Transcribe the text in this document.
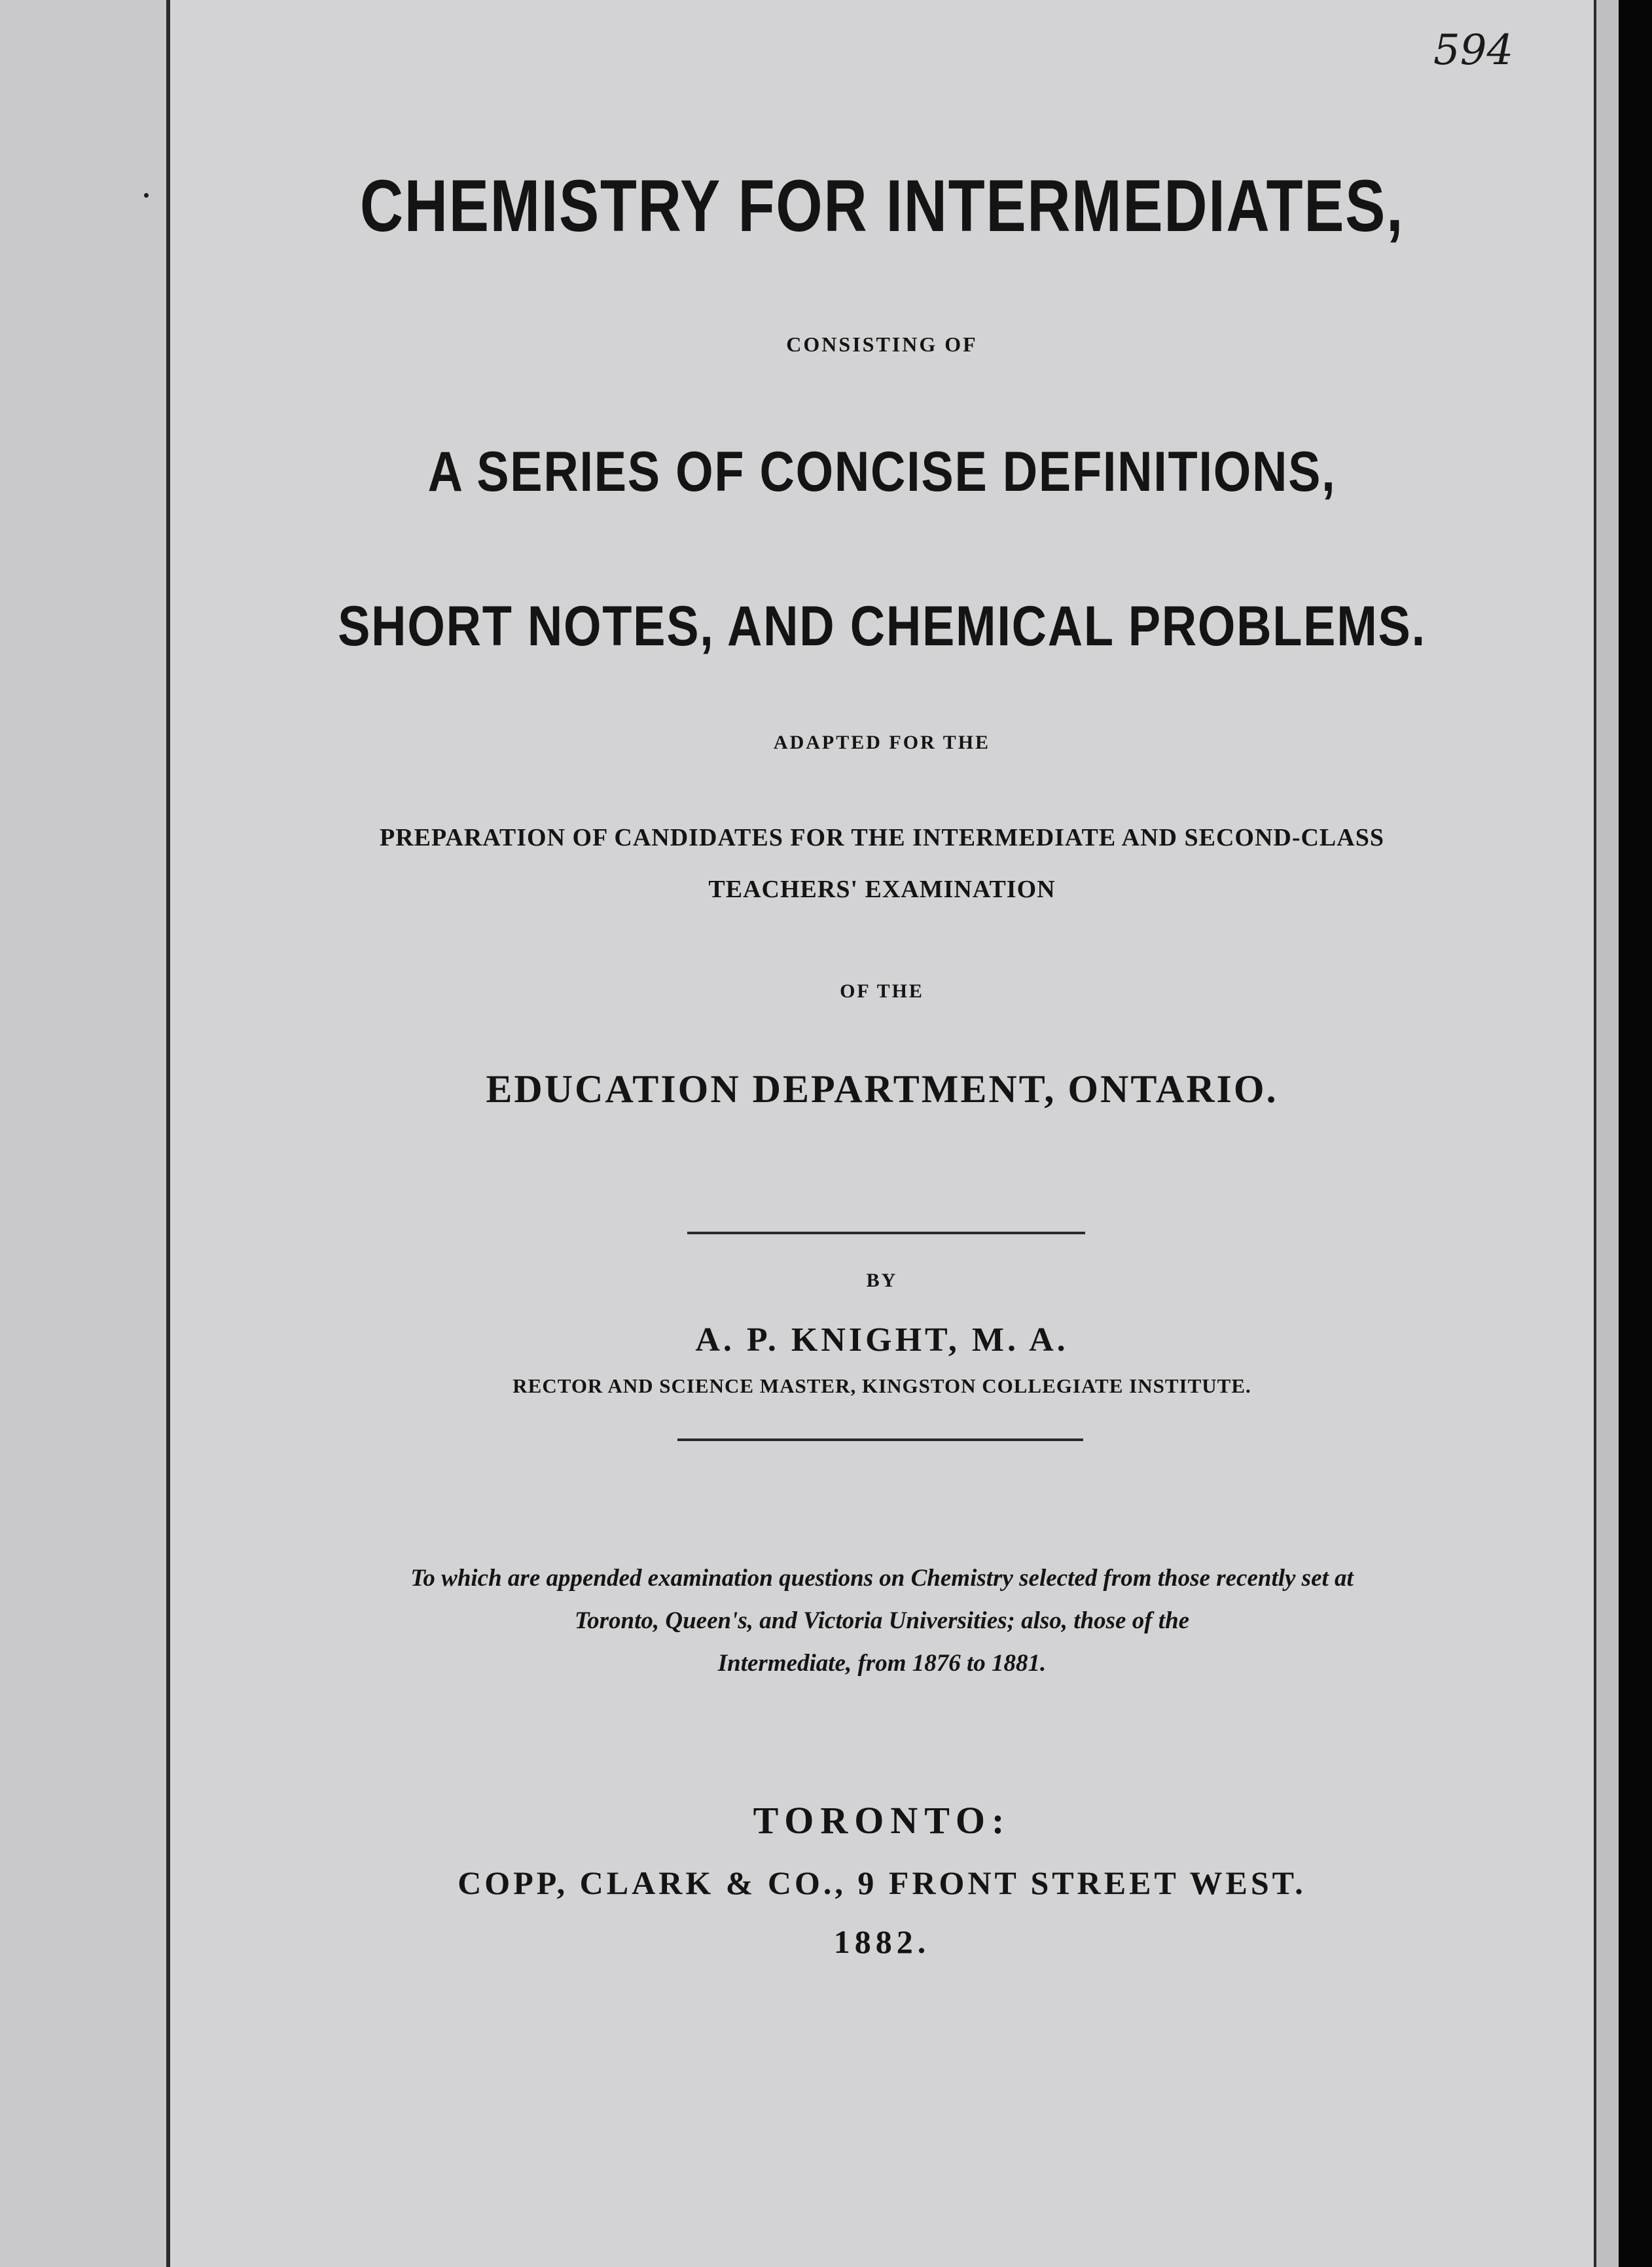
594
CHEMISTRY FOR INTERMEDIATES,
CONSISTING OF
A SERIES OF CONCISE DEFINITIONS,
SHORT NOTES, AND CHEMICAL PROBLEMS.
ADAPTED FOR THE
PREPARATION OF CANDIDATES FOR THE INTERMEDIATE AND SECOND-CLASS
TEACHERS' EXAMINATION
OF THE
EDUCATION DEPARTMENT, ONTARIO.
BY
A. P. KNIGHT, M. A.
RECTOR AND SCIENCE MASTER, KINGSTON COLLEGIATE INSTITUTE.
To which are appended examination questions on Chemistry selected from those recently set at
Toronto, Queen's, and Victoria Universities; also, those of the
Intermediate, from 1876 to 1881.
TORONTO:
COPP, CLARK & CO., 9 FRONT STREET WEST.
1882.
